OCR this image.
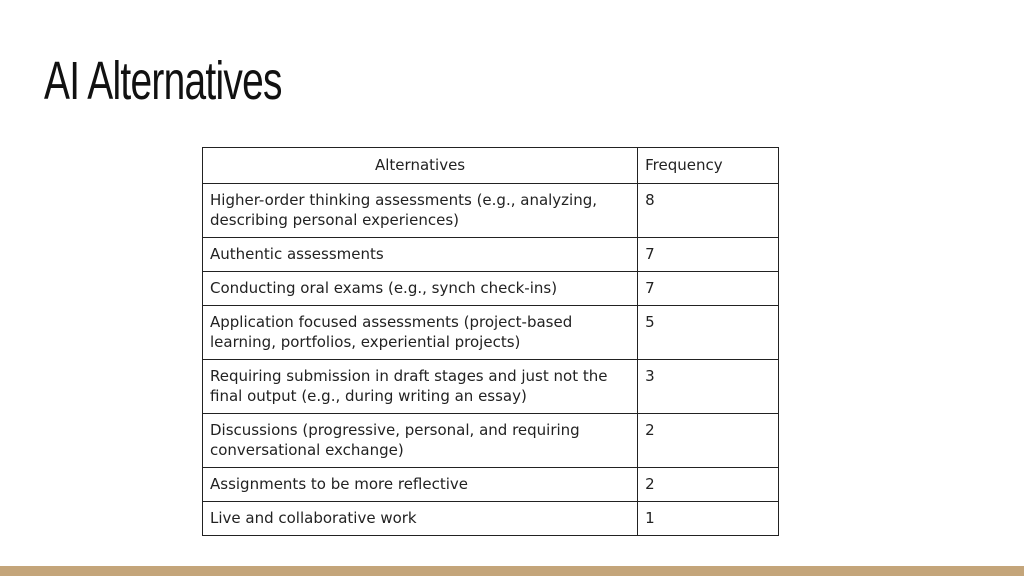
AI Alternatives
Alternatives	Frequency
Higher-order thinking assessments (e.g., analyzing, describing personal experiences)	8
Authentic assessments	7
Conducting oral exams (e.g., synch check-ins)	7
Application focused assessments (project-based learning, portfolios, experiential projects)	5
Requiring submission in draft stages and just not the final output (e.g., during writing an essay)	3
Discussions (progressive, personal, and requiring conversational exchange)	2
Assignments to be more reflective	2
Live and collaborative work	1
